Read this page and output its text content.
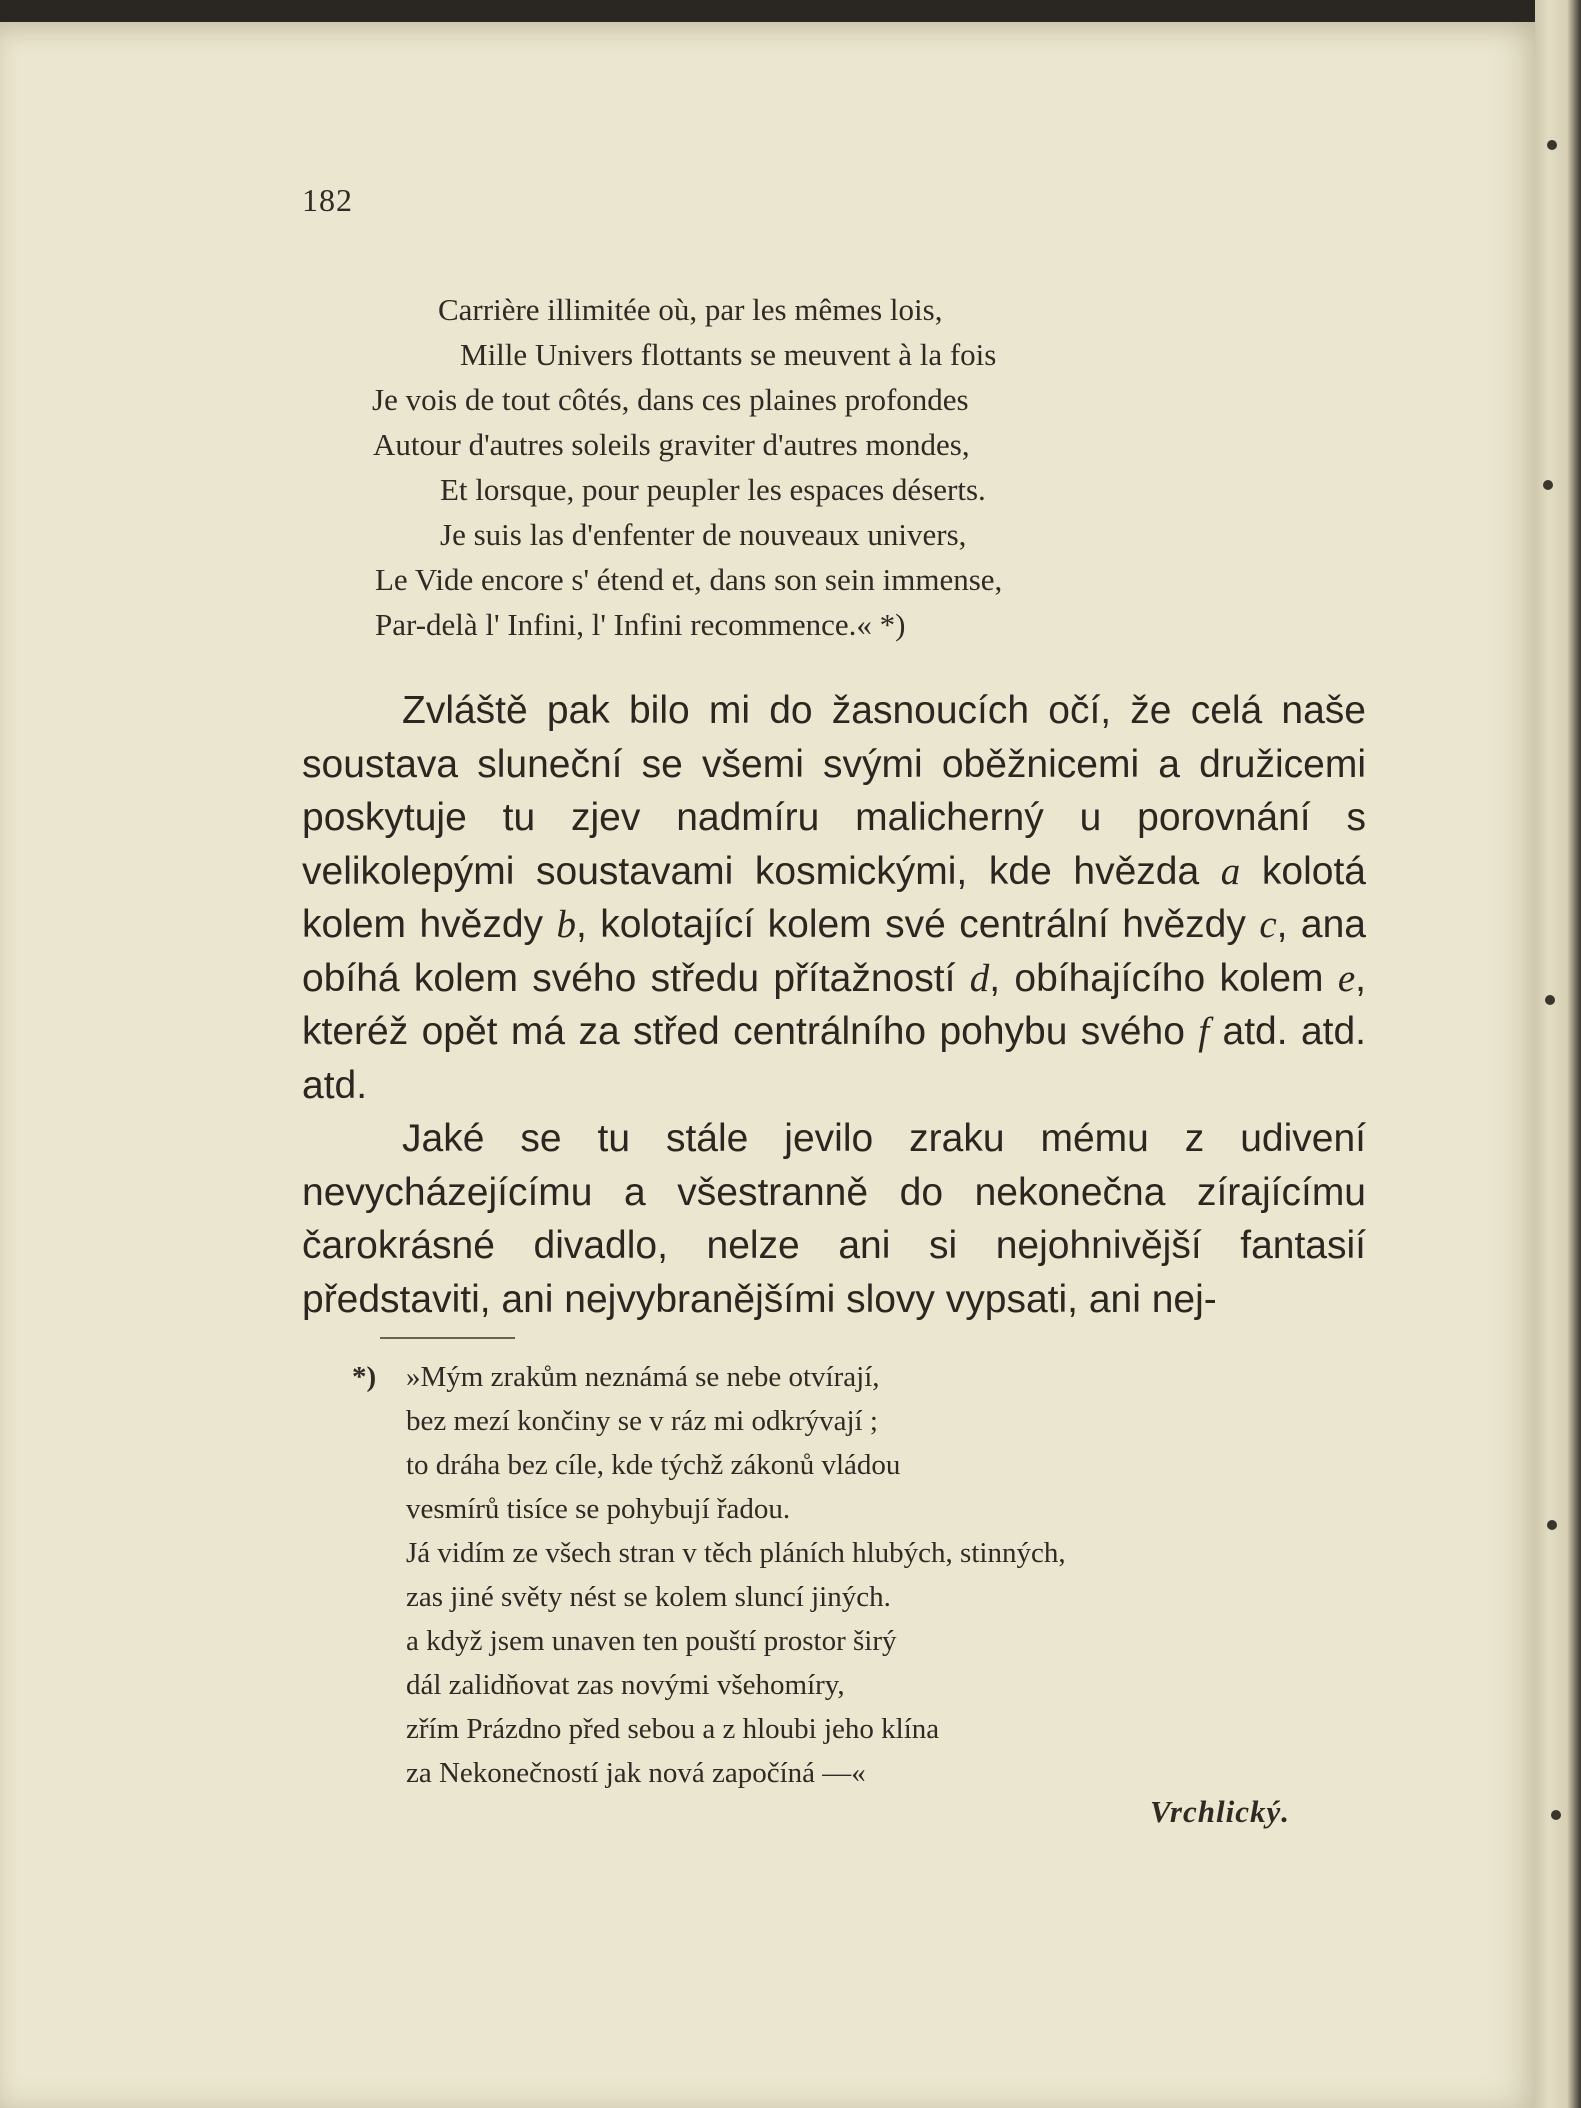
182
Carrière illimitée où, par les mêmes lois,
Mille Univers flottants se meuvent à la fois
Je vois de tout côtés, dans ces plaines profondes
Autour d'autres soleils graviter d'autres mondes,
Et lorsque, pour peupler les espaces déserts.
Je suis las d'enfenter de nouveaux univers,
Le Vide encore s' étend et, dans son sein immense,
Par-delà l' Infini, l' Infini recommence.« *)

Zvláště pak bilo mi do žasnoucích očí, že celá naše soustava sluneční se všemi svými oběžnicemi a družicemi poskytuje tu zjev nadmíru malicherný u porovnání s velikolepými soustavami kosmickými, kde hvězda a kolotá kolem hvězdy b, kolotající kolem své centrální hvězdy c, ana obíhá kolem svého středu přítažností d, obíhajícího kolem e, kteréž opět má za střed centrálního pohybu svého f atd. atd. atd.

Jaké se tu stále jevilo zraku mému z udivení nevycházejícímu a všestranně do nekonečna zírajícímu čarokrásné divadlo, nelze ani si nejohnivější fantasií představiti, ani nejvybranějšími slovy vypsati, ani nej-

*)	»Mým zrakům neznámá se nebe otvírají,
bez mezí končiny se v ráz mi odkrývají ;
to dráha bez cíle, kde týchž zákonů vládou
vesmírů tisíce se pohybují řadou.
Já vidím ze všech stran v těch pláních hlubých, stinných,
zas jiné světy nést se kolem sluncí jiných.
a když jsem unaven ten pouští prostor širý
dál zalidňovat zas novými všehomíry,
zřím Prázdno před sebou a z hloubi jeho klína
za Nekonečností jak nová započíná —«
Vrchlický.
